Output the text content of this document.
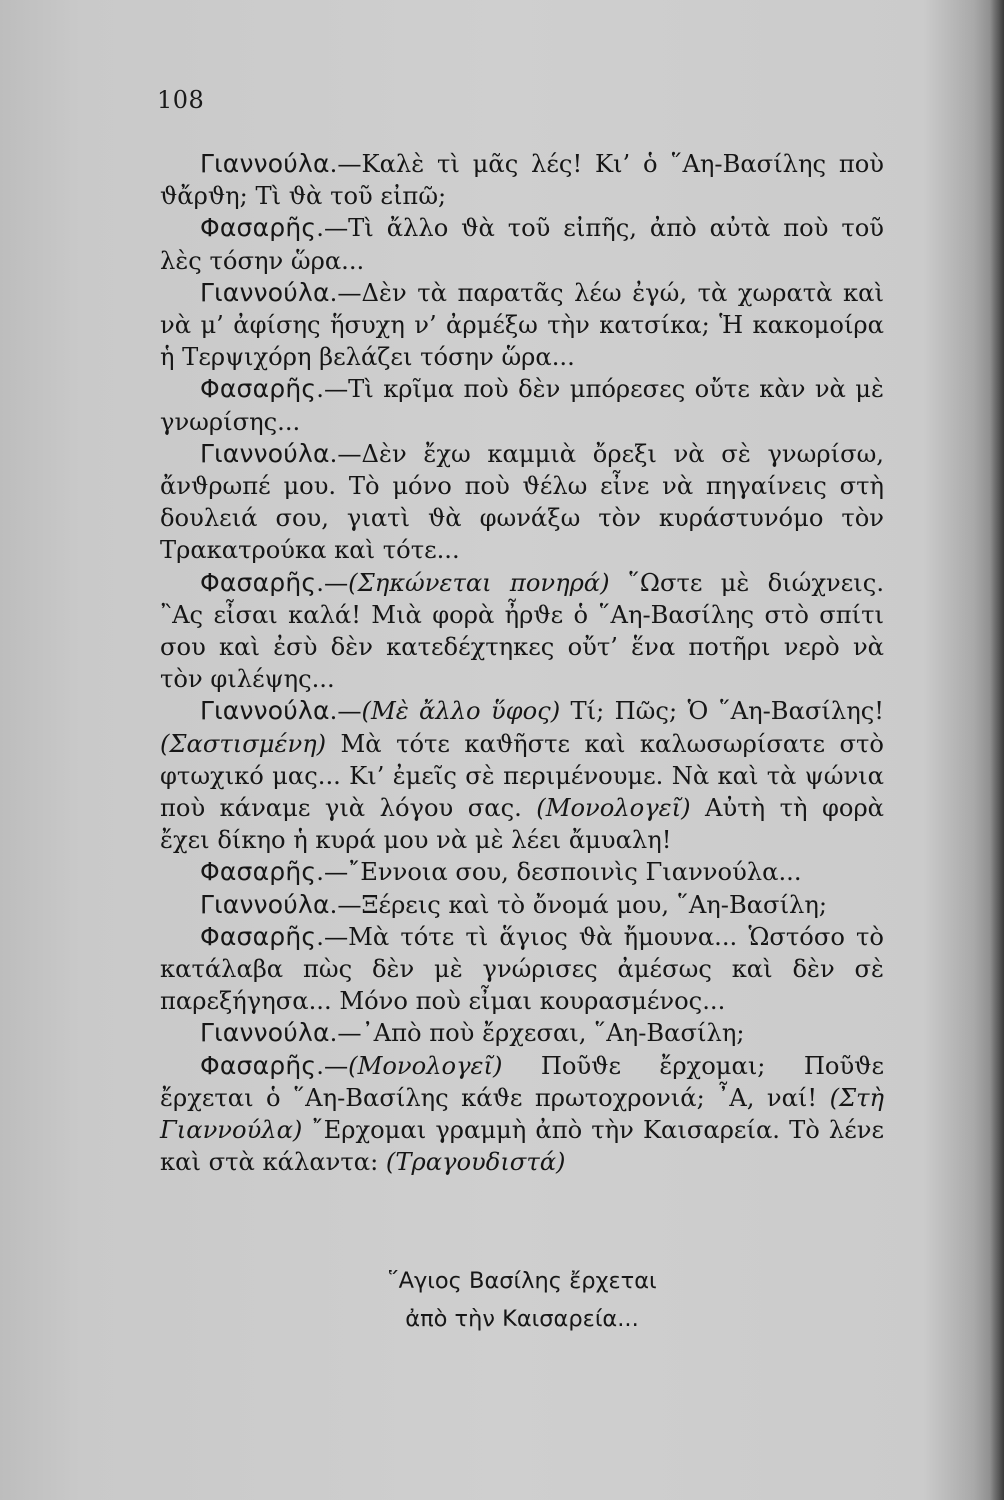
108

Γιαννούλα.—Καλὲ τὶ μᾶς λές! Κι’ ὁ ῞Αη-Βασίλης ποὺ ϑἄρϑη; Τὶ ϑὰ τοῦ εἰπῶ;

Φασαρῆς.—Τὶ ἄλλο ϑὰ τοῦ εἰπῆς, ἀπὸ αὐτὰ ποὺ τοῦ λὲς τόσην ὥρα...

Γιαννούλα.—Δὲν τὰ παρατᾶς λέω ἐγώ, τὰ χωρατὰ καὶ νὰ μ’ ἀφίσης ἥσυχη ν’ ἀρμέξω τὴν κατσίκα; Ἡ κακομοίρα ἡ Τερψιχόρη βελάζει τόσην ὥρα...

Φασαρῆς.—Τὶ κρῖμα ποὺ δὲν μπόρεσες οὔτε κὰν νὰ μὲ γνωρίσης...

Γιαννούλα.—Δὲν ἔχω καμμιὰ ὄρεξι νὰ σὲ γνωρίσω, ἄνϑρωπέ μου. Τὸ μόνο ποὺ ϑέλω εἶνε νὰ πηγαίνεις στὴ δουλειά σου, γιατὶ ϑὰ φωνάξω τὸν κυράστυνόμο τὸν Τρακατρούκα καὶ τότε...

Φασαρῆς.—(Σηκώνεται πονηρά) ῞Ωστε μὲ διώχνεις. ῍Ας εἶσαι καλά! Μιὰ φορὰ ἦρϑε ὁ ῞Αη-Βασίλης στὸ σπίτι σου καὶ ἐσὺ δὲν κατεδέχτηκες οὔτ’ ἕνα ποτῆρι νερὸ νὰ τὸν φιλέψης...

Γιαννούλα.—(Μὲ ἄλλο ὕφος) Τί; Πῶς; Ὁ ῞Αη-Βασίλης! (Σαστισμένη) Μὰ τότε καϑῆστε καὶ καλωσωρίσατε στὸ φτωχικό μας... Κι’ ἐμεῖς σὲ περιμένουμε. Νὰ καὶ τὰ ψώνια ποὺ κάναμε γιὰ λόγου σας. (Μονολογεῖ) Αὐτὴ τὴ φορὰ ἔχει δίκηο ἡ κυρά μου νὰ μὲ λέει ἄμυαλη!

Φασαρῆς.—῎Εννοια σου, δεσποινὶς Γιαννούλα...

Γιαννούλα.—Ξέρεις καὶ τὸ ὄνομά μου, ῞Αη-Βασίλη;

Φασαρῆς.—Μὰ τότε τὶ ἅγιος ϑὰ ἤμουνα... Ὡστόσο τὸ κατάλαβα πὼς δὲν μὲ γνώρισες ἀμέσως καὶ δὲν σὲ παρεξήγησα... Μόνο ποὺ εἶμαι κουρασμένος...

Γιαννούλα.—᾽Απὸ ποὺ ἔρχεσαι, ῞Αη-Βασίλη;

Φασαρῆς.—(Μονολογεῖ) Ποῦϑε ἔρχομαι; Ποῦϑε ἔρχεται ὁ ῞Αη-Βασίλης κάϑε πρωτοχρονιά; ῏Α, ναί! (Στὴ Γιαννούλα) ῎Ερχομαι γραμμὴ ἀπὸ τὴν Καισαρεία. Τὸ λένε καὶ στὰ κάλαντα: (Τραγουδιστά)

῞Αγιος Βασίλης ἔρχεται

ἀπὸ τὴν Καισαρεία...
